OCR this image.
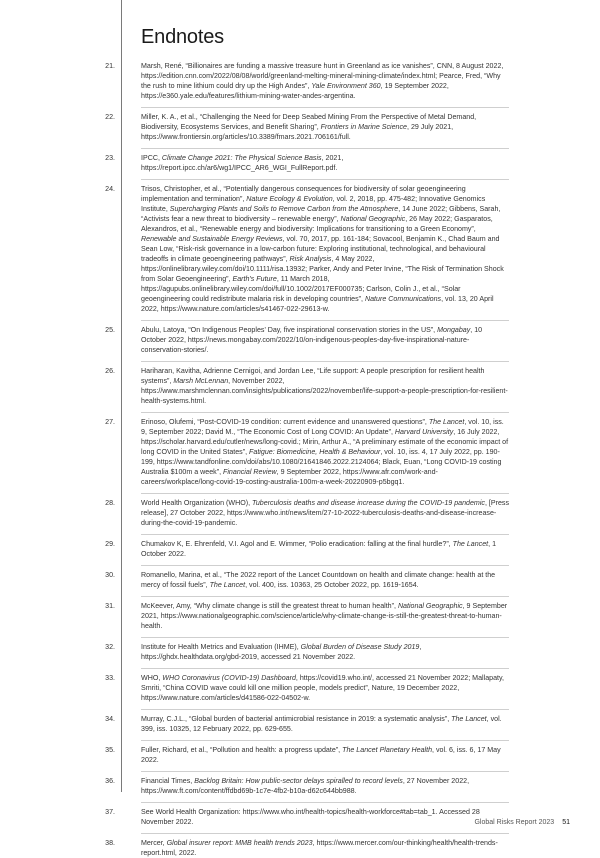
Endnotes
21.	Marsh, René, “Billionaires are funding a massive treasure hunt in Greenland as ice vanishes”, CNN, 8 August 2022, https://edition.cnn.com/2022/08/08/world/greenland-melting-mineral-mining-climate/index.html; Pearce, Fred, “Why the rush to mine lithium could dry up the High Andes”, Yale Environment 360, 19 September 2022, https://e360.yale.edu/features/lithium-mining-water-andes-argentina.
22.	Miller, K. A., et al., “Challenging the Need for Deep Seabed Mining From the Perspective of Metal Demand, Biodiversity, Ecosystems Services, and Benefit Sharing”, Frontiers in Marine Science, 29 July 2021, https://www.frontiersin.org/articles/10.3389/fmars.2021.706161/full.
23.	IPCC, Climate Change 2021: The Physical Science Basis, 2021, https://report.ipcc.ch/ar6/wg1/IPCC_AR6_WGI_FullReport.pdf.
24.	Trisos, Christopher, et al., “Potentially dangerous consequences for biodiversity of solar geoengineering implementation and termination”, Nature Ecology & Evolution, vol. 2, 2018, pp. 475-482; Innovative Genomics Institute, Supercharging Plants and Soils to Remove Carbon from the Atmosphere, 14 June 2022; Gibbens, Sarah, “Activists fear a new threat to biodiversity – renewable energy”, National Geographic, 26 May 2022; Gasparatos, Alexandros, et al., “Renewable energy and biodiversity: Implications for transitioning to a Green Economy”, Renewable and Sustainable Energy Reviews, vol. 70, 2017, pp. 161-184; Sovacool, Benjamin K., Chad Baum and Sean Low, “Risk-risk governance in a low-carbon future: Exploring institutional, technological, and behavioural tradeoffs in climate geoengineering pathways”, Risk Analysis, 4 May 2022, https://onlinelibrary.wiley.com/doi/10.1111/risa.13932; Parker, Andy and Peter Irvine, “The Risk of Termination Shock from Solar Geoengineering”, Earth's Future, 11 March 2018, https://agupubs.onlinelibrary.wiley.com/doi/full/10.1002/2017EF000735; Carlson, Colin J., et al., “Solar geoengineering could redistribute malaria risk in developing countries”, Nature Communications, vol. 13, 20 April 2022, https://www.nature.com/articles/s41467-022-29613-w.
25.	Abulu, Latoya, “On Indigenous Peoples’ Day, five inspirational conservation stories in the US”, Mongabay, 10 October 2022, https://news.mongabay.com/2022/10/on-indigenous-peoples-day-five-inspirational-nature-conservation-stories/.
26.	Hariharan, Kavitha, Adrienne Cernigoi, and Jordan Lee, “Life support: A people prescription for resilient health systems”, Marsh McLennan, November 2022, https://www.marshmclennan.com/insights/publications/2022/november/life-support-a-people-prescription-for-resilient-health-systems.html.
27.	Erinoso, Olufemi, “Post-COVID-19 condition: current evidence and unanswered questions”, The Lancet, vol. 10, iss. 9, September 2022; David M., “The Economic Cost of Long COVID: An Update”, Harvard University, 16 July 2022, https://scholar.harvard.edu/cutler/news/long-covid.; Mirin, Arthur A., “A preliminary estimate of the economic impact of long COVID in the United States”, Fatigue: Biomedicine, Health & Behaviour, vol. 10, iss. 4, 17 July 2022, pp. 190-199, https://www.tandfonline.com/doi/abs/10.1080/21641846.2022.2124064; Black, Euan, “Long COVID-19 costing Australia $100m a week”, Financial Review, 9 September 2022, https://www.afr.com/work-and-careers/workplace/long-covid-19-costing-australia-100m-a-week-20220909-p5bgq1.
28.	World Health Organization (WHO), Tuberculosis deaths and disease increase during the COVID-19 pandemic, [Press release], 27 October 2022, https://www.who.int/news/item/27-10-2022-tuberculosis-deaths-and-disease-increase-during-the-covid-19-pandemic.
29.	Chumakov K, E. Ehrenfeld, V.I. Agol and E. Wimmer, “Polio eradication: falling at the final hurdle?”, The Lancet, 1 October 2022.
30.	Romanello, Marina, et al., “The 2022 report of the Lancet Countdown on health and climate change: health at the mercy of fossil fuels”, The Lancet, vol. 400, iss. 10363, 25 October 2022, pp. 1619-1654.
31.	McKeever, Amy, “Why climate change is still the greatest threat to human health”, National Geographic, 9 September 2021, https://www.nationalgeographic.com/science/article/why-climate-change-is-still-the-greatest-threat-to-human-health.
32.	Institute for Health Metrics and Evaluation (IHME), Global Burden of Disease Study 2019, https://ghdx.healthdata.org/gbd-2019, accessed 21 November 2022.
33.	WHO, WHO Coronavirus (COVID-19) Dashboard, https://covid19.who.int/, accessed 21 November 2022; Mallapaty, Smriti, “China COVID wave could kill one million people, models predict”, Nature, 19 December 2022, https://www.nature.com/articles/d41586-022-04502-w.
34.	Murray, C.J.L., “Global burden of bacterial antimicrobial resistance in 2019: a systematic analysis”, The Lancet, vol. 399, iss. 10325, 12 February 2022, pp. 629-655.
35.	Fuller, Richard, et al., “Pollution and health: a progress update”, The Lancet Planetary Health, vol. 6, iss. 6, 17 May 2022.
36.	Financial Times, Backlog Britain: How public-sector delays spiralled to record levels, 27 November 2022, https://www.ft.com/content/ffdbd69b-1c7e-4fb2-b10a-d62c644bb988.
37.	See World Health Organization: https://www.who.int/health-topics/health-workforce#tab=tab_1. Accessed 28 November 2022.
38.	Mercer, Global insurer report: MMB health trends 2023, https://www.mercer.com/our-thinking/health/health-trends-report.html, 2022.
Global Risks Report 2023 51
